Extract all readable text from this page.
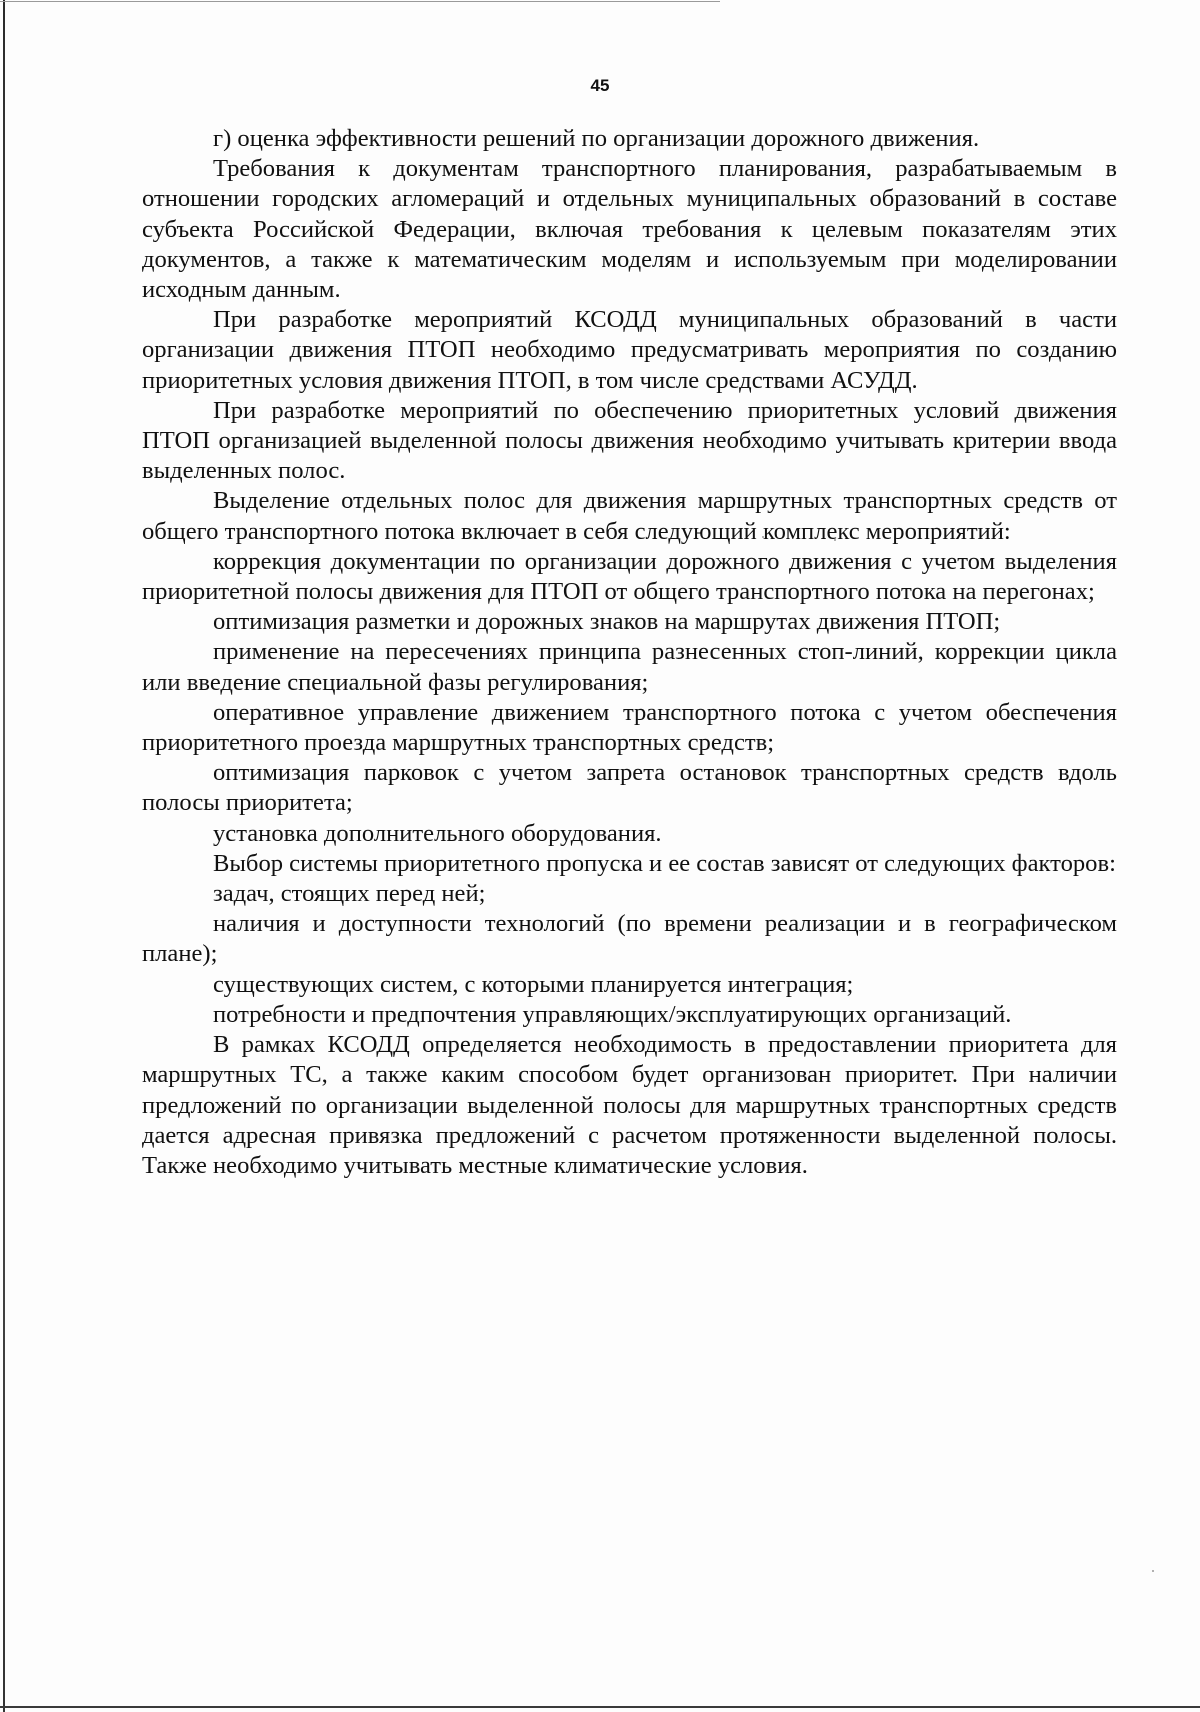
45

г) оценка эффективности решений по организации дорожного движения.

Требования к документам транспортного планирования, разрабатываемым в отношении городских агломераций и отдельных муниципальных образований в составе субъекта Российской Федерации, включая требования к целевым показателям этих документов, а также к математическим моделям и используемым при моделировании исходным данным.

При разработке мероприятий КСОДД муниципальных образований в части организации движения ПТОП необходимо предусматривать мероприятия по созданию приоритетных условия движения ПТОП, в том числе средствами АСУДД.

При разработке мероприятий по обеспечению приоритетных условий движения ПТОП организацией выделенной полосы движения необходимо учитывать критерии ввода выделенных полос.

Выделение отдельных полос для движения маршрутных транспортных средств от общего транспортного потока включает в себя следующий комплекс мероприятий:

коррекция документации по организации дорожного движения с учетом выделения приоритетной полосы движения для ПТОП от общего транспортного потока на перегонах;

оптимизация разметки и дорожных знаков на маршрутах движения ПТОП;

применение на пересечениях принципа разнесенных стоп-линий, коррекции цикла или введение специальной фазы регулирования;

оперативное управление движением транспортного потока с учетом обеспечения приоритетного проезда маршрутных транспортных средств;

оптимизация парковок с учетом запрета остановок транспортных средств вдоль полосы приоритета;

установка дополнительного оборудования.

Выбор системы приоритетного пропуска и ее состав зависят от следующих факторов:

задач, стоящих перед ней;

наличия и доступности технологий (по времени реализации и в географическом плане);

существующих систем, с которыми планируется интеграция;

потребности и предпочтения управляющих/эксплуатирующих организаций.

В рамках КСОДД определяется необходимость в предоставлении приоритета для маршрутных ТС, а также каким способом будет организован приоритет. При наличии предложений по организации выделенной полосы для маршрутных транспортных средств дается адресная привязка предложений с расчетом протяженности выделенной полосы. Также необходимо учитывать местные климатические условия.
